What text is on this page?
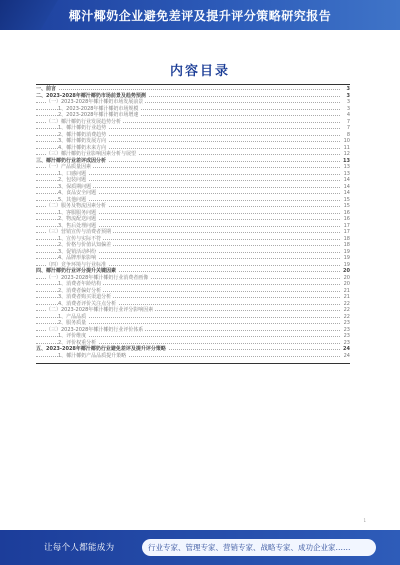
椰汁椰奶企业避免差评及提升评分策略研究报告
内容目录
一、前言	3
二、2023-2028年椰汁椰奶市场前景及趋势预测	3
（一）2023-2028年椰汁椰奶市场发展前景	3
1、2023-2028年椰汁椰奶市场规模	3
2、2023-2028年椰汁椰奶市场增速	4
（二）椰汁椰奶行业发展趋势分析	7
1、椰汁椰奶行业趋势	7
2、椰汁椰奶消费趋势	8
3、椰汁椰奶发展方向	10
4、椰汁椰奶未来方向	11
（三）椰汁椰奶行业影响因素分析与展望	12
三、椰汁椰奶行业差评成因分析	13
（一）产品质量因素	13
1、口感问题	13
2、包装问题	14
3、保质期问题	14
4、食品安全问题	14
5、其他问题	15
（二）服务及物流因素分析	15
1、客服服务问题	16
2、物流配送问题	16
3、售后处理问题	17
（三）营销宣传与消费者预期	17
1、宣传与实际不符	18
2、价格与价值认知偏差	18
3、促销活动纠纷	19
4、品牌形象影响	19
（四）竞争环境与行业标准	19
四、椰汁椰奶行业评分提升关键因素	20
（一）2023-2028年椰汁椰奶行业消费者画像	20
1、消费者年龄结构	20
2、消费者偏好分析	21
3、消费者购买渠道分析	21
4、消费者评价关注点分析	22
（二）2023-2028年椰汁椰奶行业评分影响因素	22
1、产品品质	22
2、服务质量	23
（三）2023-2028年椰汁椰奶行业评价体系	23
1、评价维度	23
2、评价权重分析	23
五、2023-2028年椰汁椰奶行业避免差评及提升评分策略	24
1、椰汁椰奶产品品质提升策略	24
1
让每个人都能成为	行业专家、管理专家、营销专家、战略专家、成功企业家……
